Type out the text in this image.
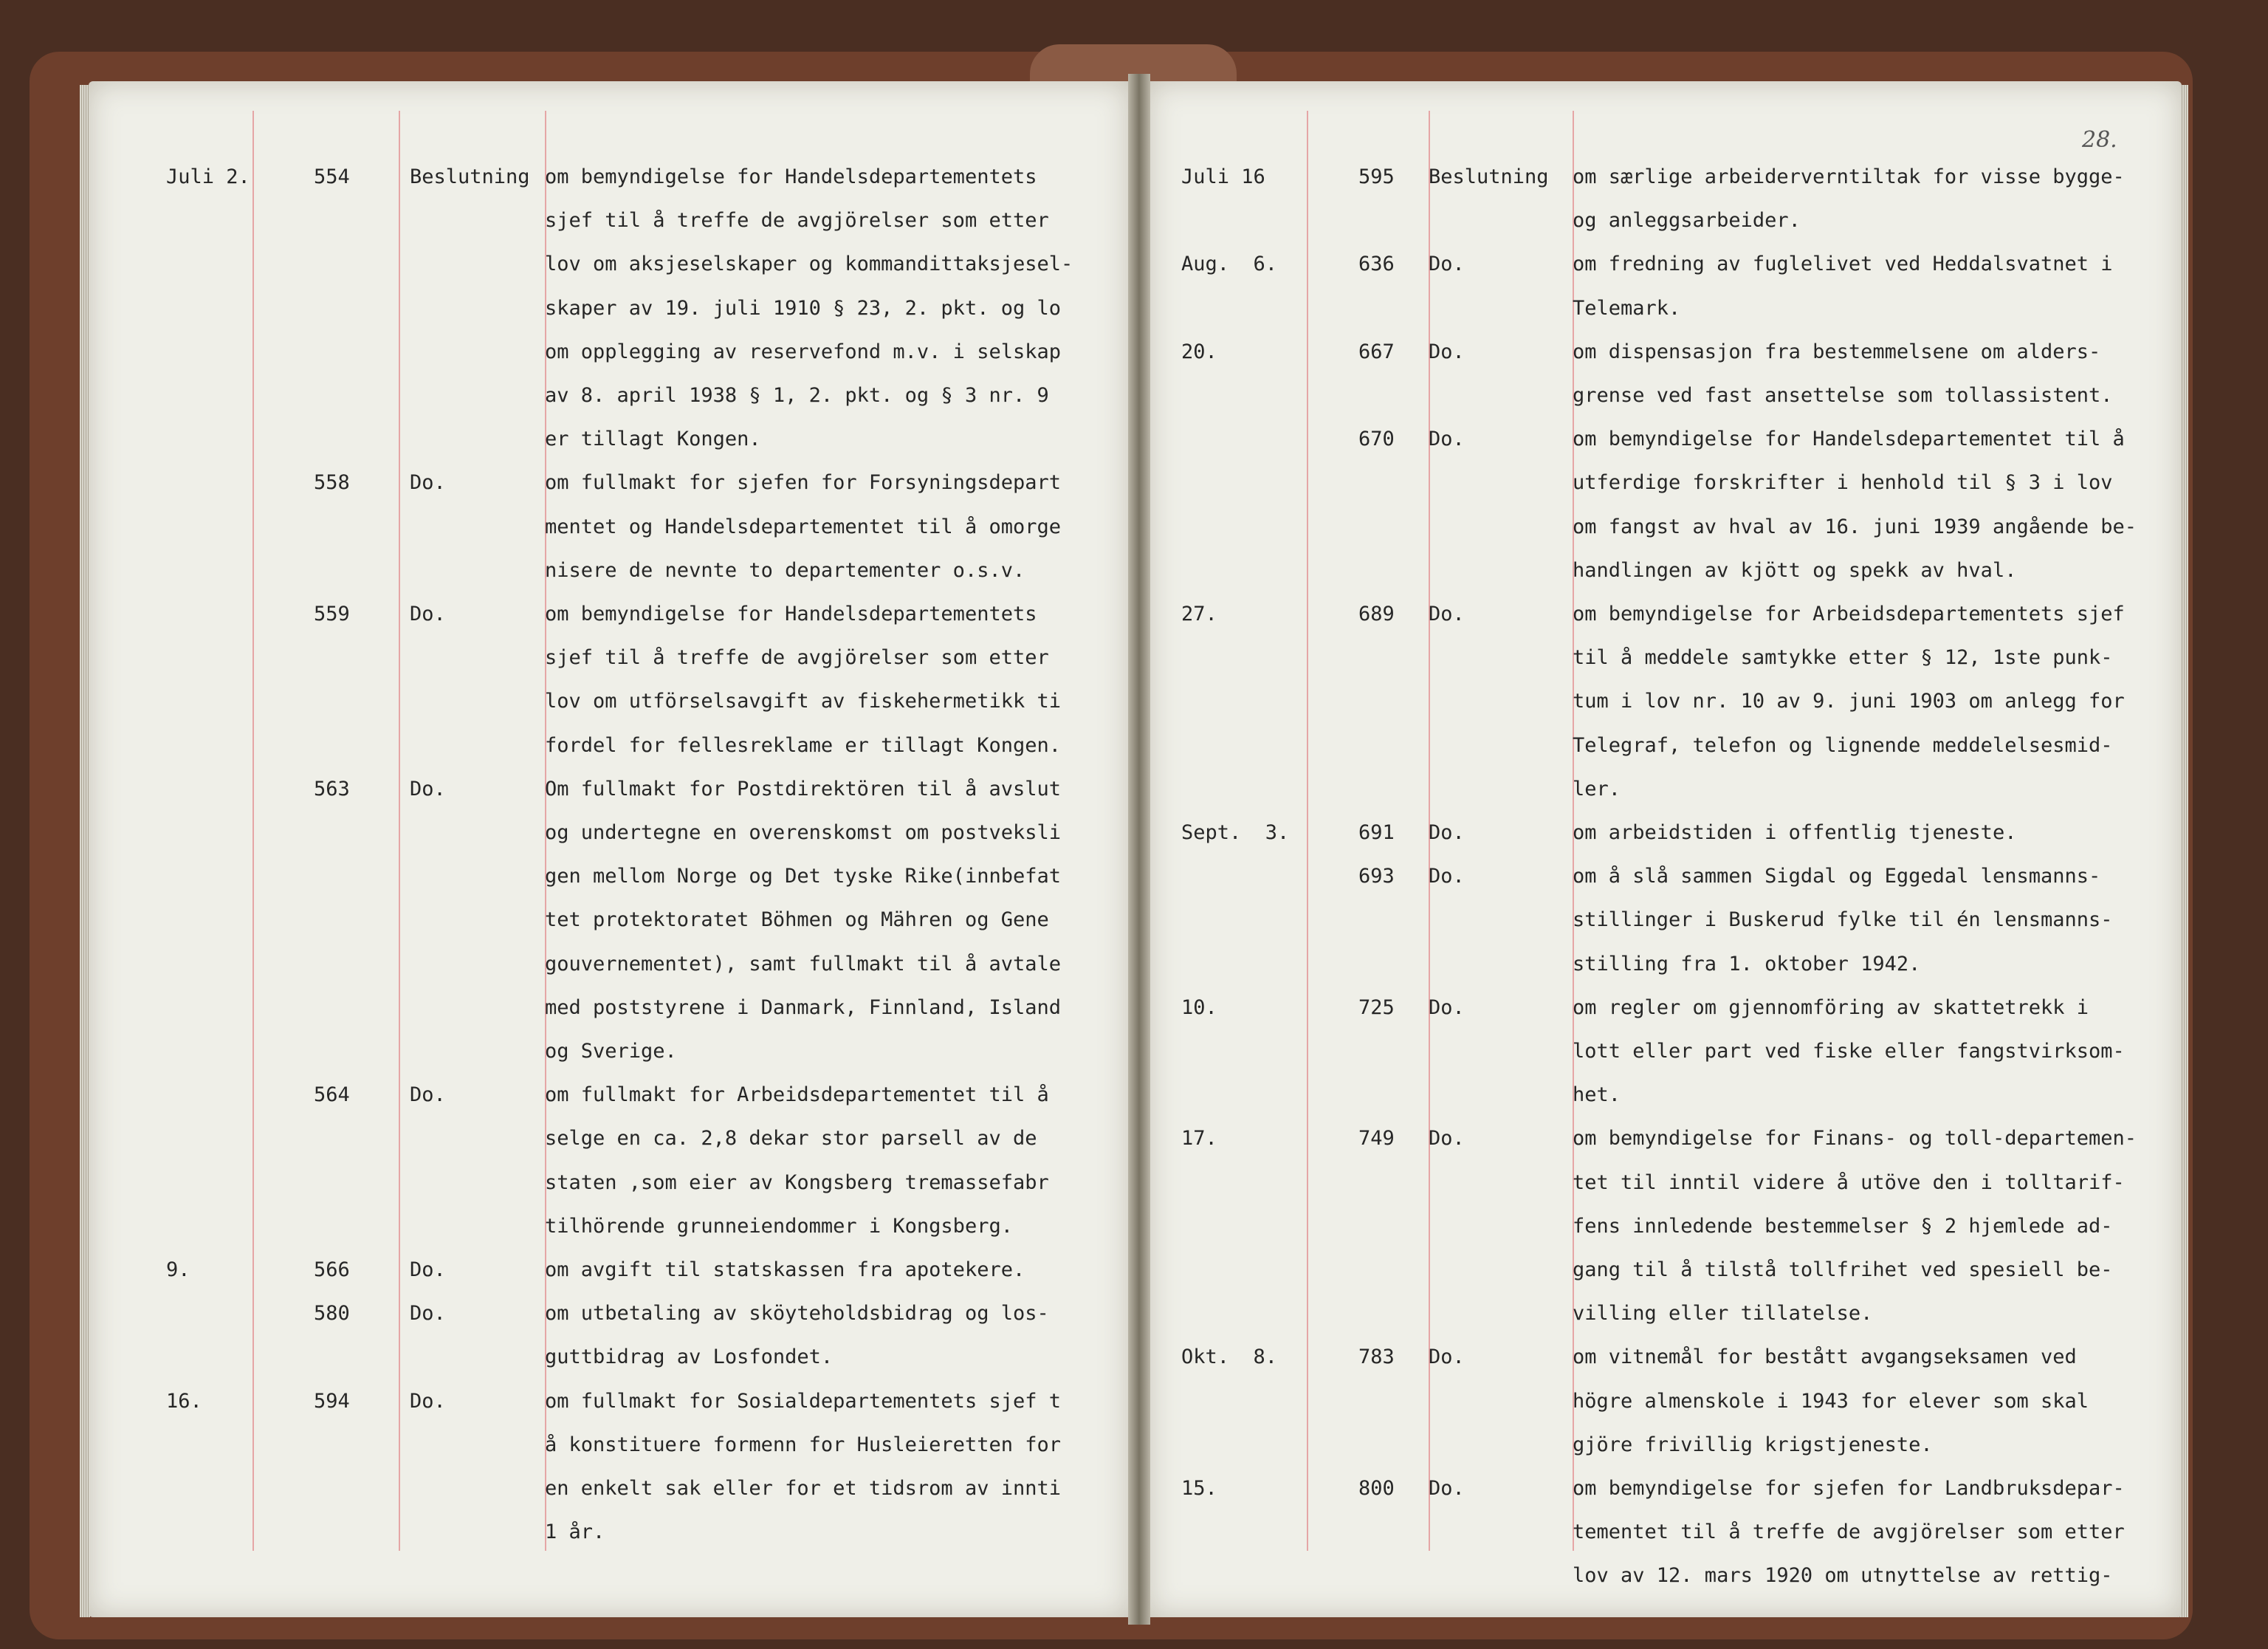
28.
Juli 2.	554	Beslutning om bemyndigelse for Handelsdepartementets
sjef til å treffe de avgjörelser som etter
lov om aksjeselskaper og kommandittaksjesel-
skaper av 19. juli 1910 § 23, 2. pkt. og lo
om opplegging av reservefond m.v. i selskap
av 8. april 1938 § 1, 2. pkt. og § 3 nr. 9
er tillagt Kongen.
558	Do.	om fullmakt for sjefen for Forsyningsdepart
mentet og Handelsdepartementet til å omorge
nisere de nevnte to departementer o.s.v.
559	Do.	om bemyndigelse for Handelsdepartementets
sjef til å treffe de avgjörelser som etter
lov om utförselsavgift av fiskehermetikk ti
fordel for fellesreklame er tillagt Kongen.
563	Do.	Om fullmakt for Postdirektören til å avslut
og undertegne en overenskomst om postveksli
gen mellom Norge og Det tyske Rike(innbefat
tet protektoratet Böhmen og Mähren og Gene
gouvernementet), samt fullmakt til å avtale
med poststyrene i Danmark, Finnland, Island
og Sverige.
564	Do.	om fullmakt for Arbeidsdepartementet til å
selge en ca. 2,8 dekar stor parsell av de
staten ,som eier av Kongsberg tremassefabr
tilhörende grunneiendommer i Kongsberg.
9.	566	Do.	om avgift til statskassen fra apotekere.
580	Do.	om utbetaling av sköyteholdsbidrag og los-
guttbidrag av Losfondet.
16.	594	Do.	om fullmakt for Sosialdepartementets sjef t
å konstituere formenn for Husleieretten for
en enkelt sak eller for et tidsrom av innti
1 år.
Juli 16	595 Beslutning om særlige arbeiderverntiltak for visse bygge-
og anleggsarbeider.
Aug.  6.	636 Do.	om fredning av fuglelivet ved Heddalsvatnet i
Telemark.
20.	667 Do.	om dispensasjon fra bestemmelsene om alders-
grense ved fast ansettelse som tollassistent.
670 Do.	om bemyndigelse for Handelsdepartementet til å
utferdige forskrifter i henhold til § 3 i lov
om fangst av hval av 16. juni 1939 angående be-
handlingen av kjött og spekk av hval.
27.	689 Do.	om bemyndigelse for Arbeidsdepartementets sjef
til å meddele samtykke etter § 12, 1ste punk-
tum i lov nr. 10 av 9. juni 1903 om anlegg for
Telegraf, telefon og lignende meddelelsesmid-
ler.
Sept.  3.	691 Do.	om arbeidstiden i offentlig tjeneste.
693 Do.	om å slå sammen Sigdal og Eggedal lensmanns-
stillinger i Buskerud fylke til én lensmanns-
stilling fra 1. oktober 1942.
10.	725 Do.	om regler om gjennomföring av skattetrekk i
lott eller part ved fiske eller fangstvirksom-
het.
17.	749 Do.	om bemyndigelse for Finans- og toll-departemen-
tet til inntil videre å utöve den i tolltarif-
fens innledende bestemmelser § 2 hjemlede ad-
gang til å tilstå tollfrihet ved spesiell be-
villing eller tillatelse.
Okt.  8.	783 Do.	om vitnemål for bestått avgangseksamen ved
högre almenskole i 1943 for elever som skal
gjöre frivillig krigstjeneste.
15.	800 Do.	om bemyndigelse for sjefen for Landbruksdepar-
tementet til å treffe de avgjörelser som etter
lov av 12. mars 1920 om utnyttelse av rettig-
